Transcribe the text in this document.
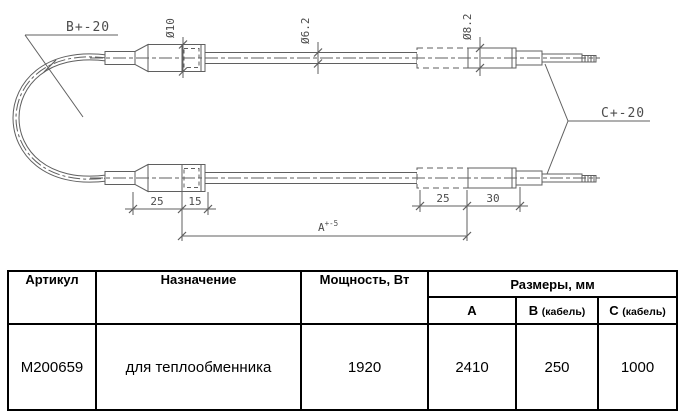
B+-20
C+-20
Ø10	Ø6.2	Ø8.2
25 15	25	30
$A^{+-5}$
Артикул	Назначение	Мощность, Вт	Размеры, мм		
			A	B (кабель)	C (кабель)
M200659	для теплообменника	1920	2410	250	1000
